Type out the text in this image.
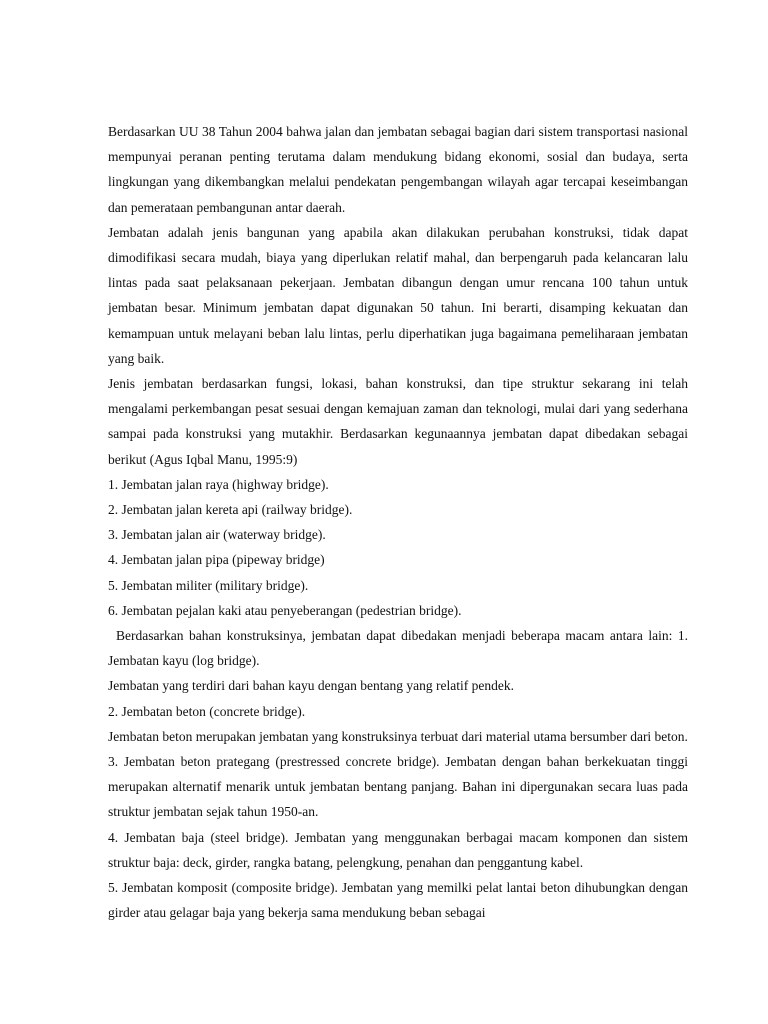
Berdasarkan UU 38 Tahun 2004 bahwa jalan dan jembatan sebagai bagian dari sistem transportasi nasional mempunyai peranan penting terutama dalam mendukung bidang ekonomi, sosial dan budaya, serta lingkungan yang dikembangkan melalui pendekatan pengembangan wilayah agar tercapai keseimbangan dan pemerataan pembangunan antar daerah.

Jembatan adalah jenis bangunan yang apabila akan dilakukan perubahan konstruksi, tidak dapat dimodifikasi secara mudah, biaya yang diperlukan relatif mahal, dan berpengaruh pada kelancaran lalu lintas pada saat pelaksanaan pekerjaan. Jembatan dibangun dengan umur rencana 100 tahun untuk jembatan besar. Minimum jembatan dapat digunakan 50 tahun. Ini berarti, disamping kekuatan dan kemampuan untuk melayani beban lalu lintas, perlu diperhatikan juga bagaimana pemeliharaan jembatan yang baik.

Jenis jembatan berdasarkan fungsi, lokasi, bahan konstruksi, dan tipe struktur sekarang ini telah mengalami perkembangan pesat sesuai dengan kemajuan zaman dan teknologi, mulai dari yang sederhana sampai pada konstruksi yang mutakhir. Berdasarkan kegunaannya jembatan dapat dibedakan sebagai berikut (Agus Iqbal Manu, 1995:9)

1. Jembatan jalan raya (highway bridge).

2. Jembatan jalan kereta api (railway bridge).

3. Jembatan jalan air (waterway bridge).

4. Jembatan jalan pipa (pipeway bridge)

5. Jembatan militer (military bridge).

6. Jembatan pejalan kaki atau penyeberangan (pedestrian bridge).

Berdasarkan bahan konstruksinya, jembatan dapat dibedakan menjadi beberapa macam antara lain: 1. Jembatan kayu (log bridge).

Jembatan yang terdiri dari bahan kayu dengan bentang yang relatif pendek.

2. Jembatan beton (concrete bridge).

Jembatan beton merupakan jembatan yang konstruksinya terbuat dari material utama bersumber dari beton.

3. Jembatan beton prategang (prestressed concrete bridge). Jembatan dengan bahan berkekuatan tinggi merupakan alternatif menarik untuk jembatan bentang panjang. Bahan ini dipergunakan secara luas pada struktur jembatan sejak tahun 1950-an.

4. Jembatan baja (steel bridge). Jembatan yang menggunakan berbagai macam komponen dan sistem struktur baja: deck, girder, rangka batang, pelengkung, penahan dan penggantung kabel.

5. Jembatan komposit (composite bridge). Jembatan yang memilki pelat lantai beton dihubungkan dengan girder atau gelagar baja yang bekerja sama mendukung beban sebagai
